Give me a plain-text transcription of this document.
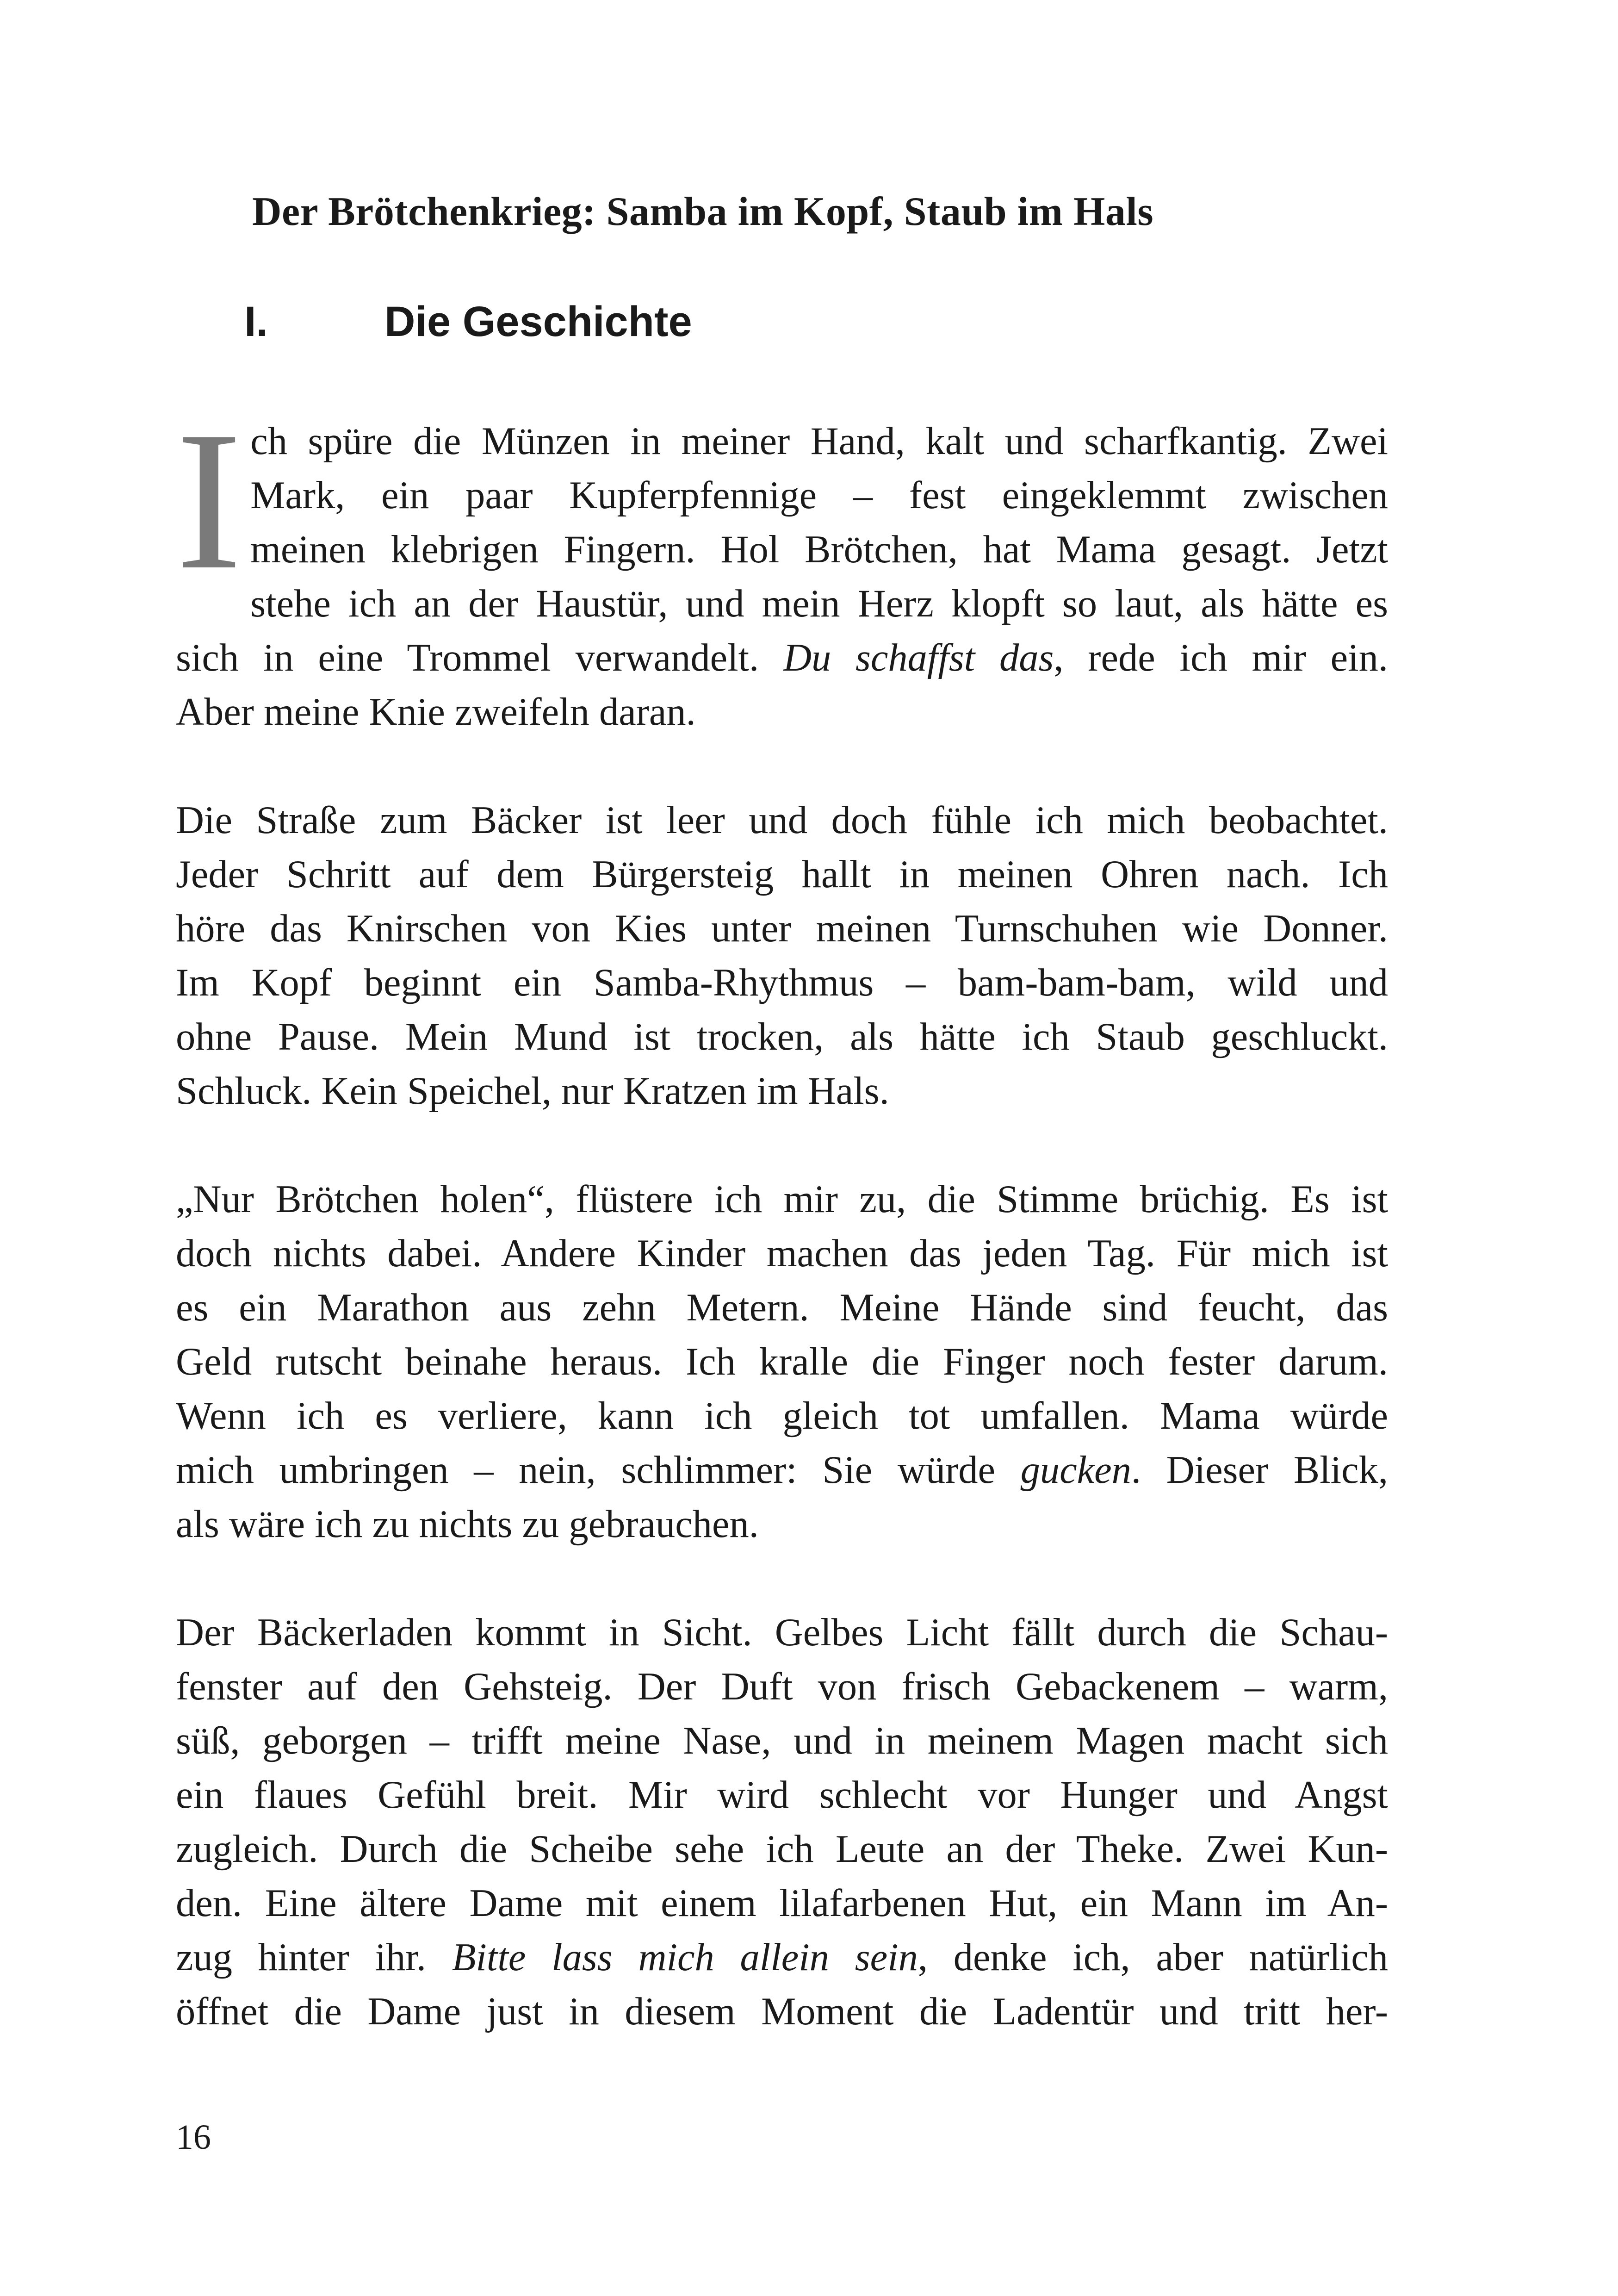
Der Brötchenkrieg: Samba im Kopf, Staub im Hals
I.	Die Geschichte

I ch spüre die Münzen in meiner Hand, kalt und scharfkantig. Zwei
Mark, ein paar Kupferpfennige – fest eingeklemmt zwischen
meinen klebrigen Fingern. Hol Brötchen, hat Mama gesagt. Jetzt
stehe ich an der Haustür, und mein Herz klopft so laut, als hätte es
sich in eine Trommel verwandelt. Du schaffst das, rede ich mir ein.
Aber meine Knie zweifeln daran.

Die Straße zum Bäcker ist leer und doch fühle ich mich beobachtet.
Jeder Schritt auf dem Bürgersteig hallt in meinen Ohren nach. Ich
höre das Knirschen von Kies unter meinen Turnschuhen wie Donner.
Im Kopf beginnt ein Samba-Rhythmus – bam-bam-bam, wild und
ohne Pause. Mein Mund ist trocken, als hätte ich Staub geschluckt.
Schluck. Kein Speichel, nur Kratzen im Hals.

„Nur Brötchen holen“, flüstere ich mir zu, die Stimme brüchig. Es ist
doch nichts dabei. Andere Kinder machen das jeden Tag. Für mich ist
es ein Marathon aus zehn Metern. Meine Hände sind feucht, das
Geld rutscht beinahe heraus. Ich kralle die Finger noch fester darum.
Wenn ich es verliere, kann ich gleich tot umfallen. Mama würde
mich umbringen – nein, schlimmer: Sie würde gucken. Dieser Blick,
als wäre ich zu nichts zu gebrauchen.

Der Bäckerladen kommt in Sicht. Gelbes Licht fällt durch die Schau-
fenster auf den Gehsteig. Der Duft von frisch Gebackenem – warm,
süß, geborgen – trifft meine Nase, und in meinem Magen macht sich
ein flaues Gefühl breit. Mir wird schlecht vor Hunger und Angst
zugleich. Durch die Scheibe sehe ich Leute an der Theke. Zwei Kun-
den. Eine ältere Dame mit einem lilafarbenen Hut, ein Mann im An-
zug hinter ihr. Bitte lass mich allein sein, denke ich, aber natürlich
öffnet die Dame just in diesem Moment die Ladentür und tritt her-

16
